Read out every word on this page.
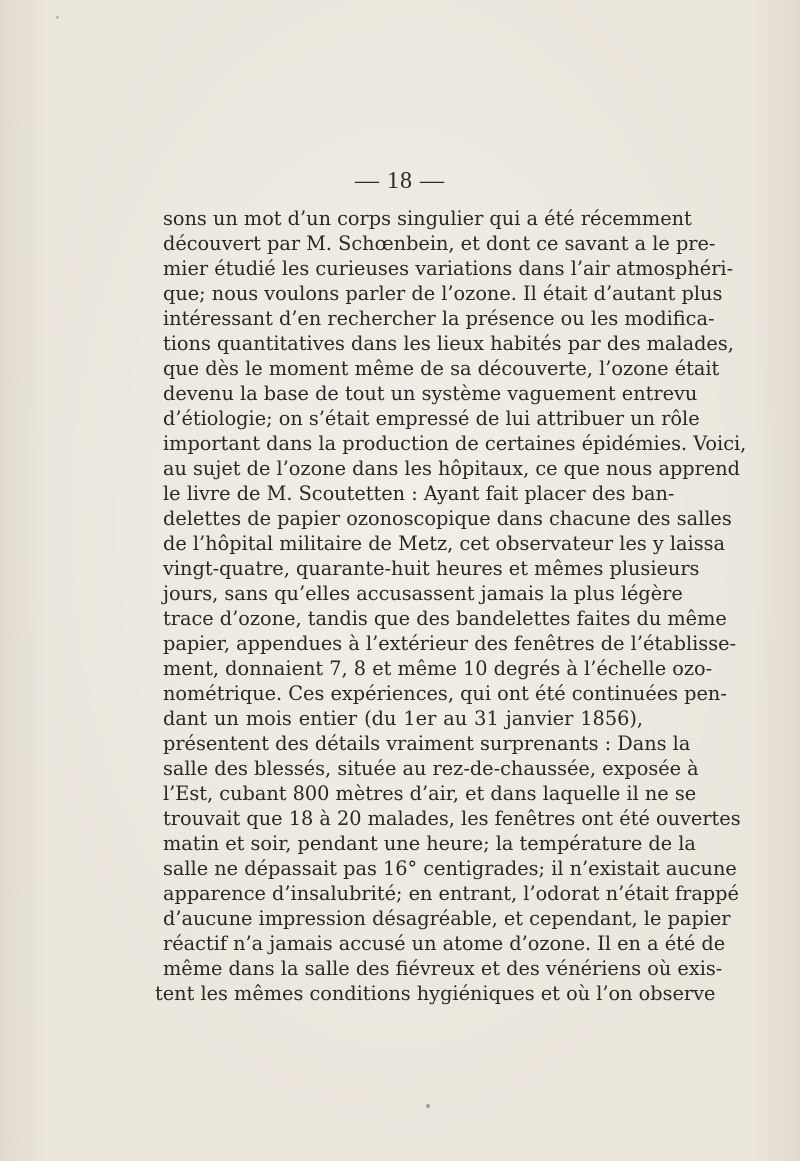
— 18 —
sons un mot d’un corps singulier qui a été récemment
découvert par M. Schœnbein, et dont ce savant a le pre-
mier étudié les curieuses variations dans l’air atmosphéri-
que; nous voulons parler de l’ozone. Il était d’autant plus
intéressant d’en rechercher la présence ou les modifica-
tions quantitatives dans les lieux habités par des malades,
que dès le moment même de sa découverte, l’ozone était
devenu la base de tout un système vaguement entrevu
d’étiologie; on s’était empressé de lui attribuer un rôle
important dans la production de certaines épidémies. Voici,
au sujet de l’ozone dans les hôpitaux, ce que nous apprend
le livre de M. Scoutetten : Ayant fait placer des ban-
delettes de papier ozonoscopique dans chacune des salles
de l’hôpital militaire de Metz, cet observateur les y laissa
vingt-quatre, quarante-huit heures et mêmes plusieurs
jours, sans qu’elles accusassent jamais la plus légère
trace d’ozone, tandis que des bandelettes faites du même
papier, appendues à l’extérieur des fenêtres de l’établisse-
ment, donnaient 7, 8 et même 10 degrés à l’échelle ozo-
nométrique. Ces expériences, qui ont été continuées pen-
dant un mois entier (du 1er au 31 janvier 1856),
présentent des détails vraiment surprenants : Dans la
salle des blessés, située au rez-de-chaussée, exposée à
l’Est, cubant 800 mètres d’air, et dans laquelle il ne se
trouvait que 18 à 20 malades, les fenêtres ont été ouvertes
matin et soir, pendant une heure; la température de la
salle ne dépassait pas 16° centigrades; il n’existait aucune
apparence d’insalubrité; en entrant, l’odorat n’était frappé
d’aucune impression désagréable, et cependant, le papier
réactif n’a jamais accusé un atome d’ozone. Il en a été de
même dans la salle des fiévreux et des vénériens où exis-
tent les mêmes conditions hygiéniques et où l’on observe
